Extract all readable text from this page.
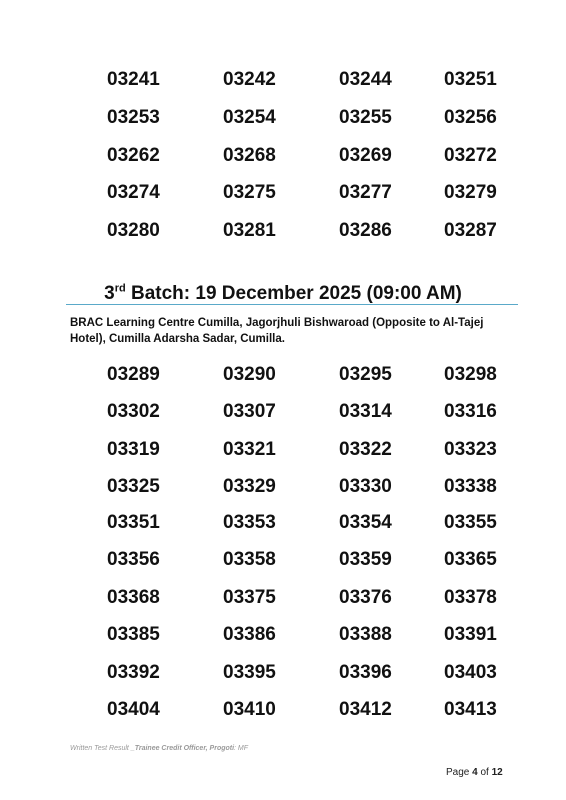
03241	03242	03244	03251
03253	03254	03255	03256
03262	03268	03269	03272
03274	03275	03277	03279
03280	03281	03286	03287
3rd Batch: 19 December 2025 (09:00 AM)
BRAC Learning Centre Cumilla, Jagorjhuli Bishwaroad (Opposite to Al-Tajej Hotel), Cumilla Adarsha Sadar, Cumilla.
03289	03290	03295	03298
03302	03307	03314	03316
03319	03321	03322	03323
03325	03329	03330	03338
03351	03353	03354	03355
03356	03358	03359	03365
03368	03375	03376	03378
03385	03386	03388	03391
03392	03395	03396	03403
03404	03410	03412	03413
Written Test Result _Trainee Credit Officer, Progoti: MF
Page 4 of 12
